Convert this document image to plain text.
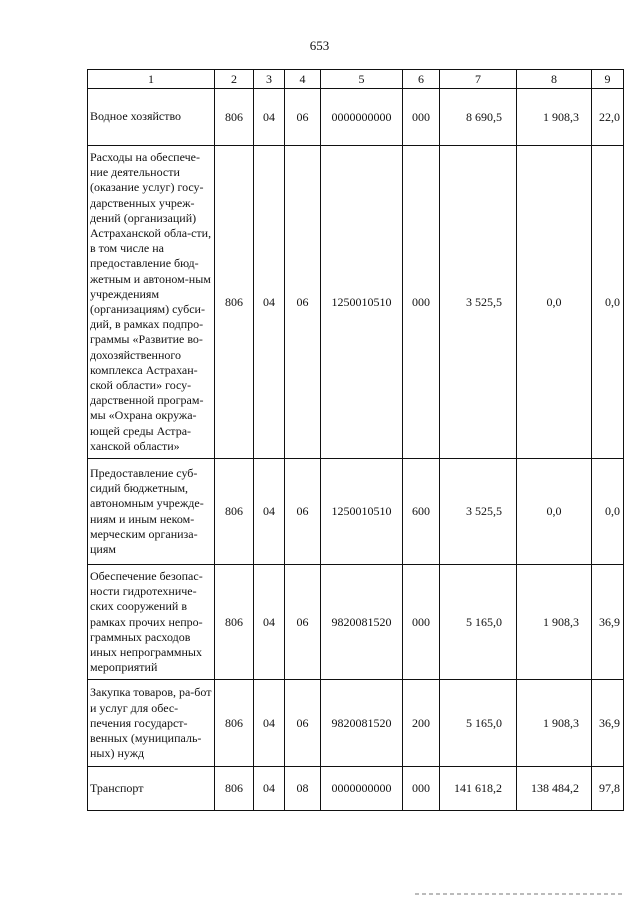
653
1	2	3	4	5	6	7	8	9
Водное хозяйство	806	04	06	0000000000	000	8 690,5	1 908,3	22,0
Расходы на обеспече-ние деятельности (оказание услуг) госу-дарственных учреж-дений (организаций) Астраханской обла-сти, в том числе на предоставление бюд-жетным и автоном-ным учреждениям (организациям) субси-дий, в рамках подпро-граммы «Развитие во-дохозяйственного комплекса Астрахан-ской области» госу-дарственной програм-мы «Охрана окружа-ющей среды Астра-ханской области»	806	04	06	1250010510	000	3 525,5	0,0	0,0
Предоставление суб-сидий бюджетным, автономным учрежде-ниям и иным неком-мерческим организа-циям	806	04	06	1250010510	600	3 525,5	0,0	0,0
Обеспечение безопас-ности гидротехниче-ских сооружений в рамках прочих непро-граммных расходов иных непрограммных мероприятий	806	04	06	9820081520	000	5 165,0	1 908,3	36,9
Закупка товаров, ра-бот и услуг для обес-печения государст-венных (муниципаль-ных) нужд	806	04	06	9820081520	200	5 165,0	1 908,3	36,9
Транспорт	806	04	08	0000000000	000	141 618,2	138 484,2	97,8
